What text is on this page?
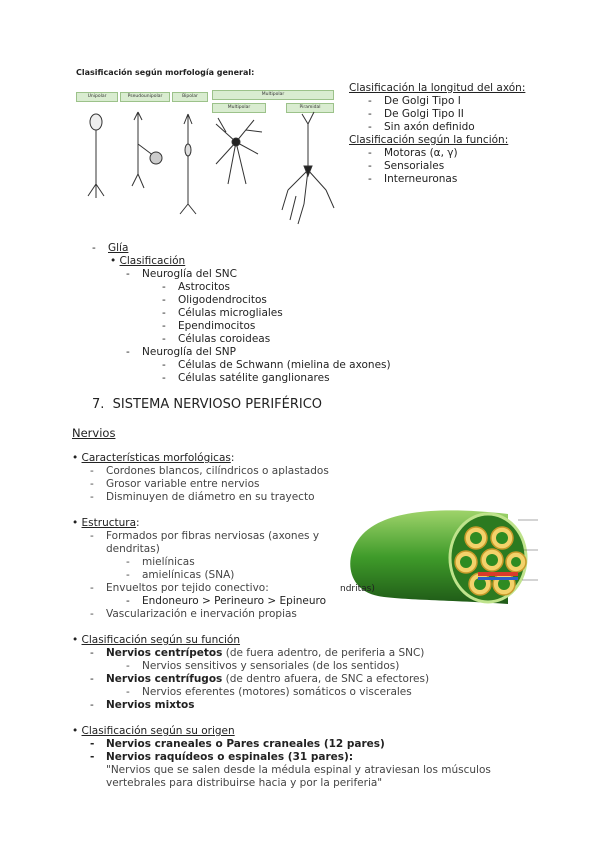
Clasificación según morfología general:
Unipolar	Pseudounipolar	Bipolar	Multipolar
Multipolar	Piramidal
Clasificación la longitud del axón:
- De Golgi Tipo I
- De Golgi Tipo II
- Sin axón definido
Clasificación según la función:
- Motoras (α, γ)
- Sensoriales
- Interneuronas
- Glía
• Clasificación
- Neuroglía del SNC
- Astrocitos
- Oligodendrocitos
- Células microgliales
- Ependimocitos
- Células coroideas
- Neuroglía del SNP
- Células de Schwann (mielina de axones)
- Células satélite ganglionares
7. SISTEMA NERVIOSO PERIFÉRICO
Nervios
• Características morfológicas:
- Cordones blancos, cilíndricos o aplastados
- Grosor variable entre nervios
- Disminuyen de diámetro en su trayecto
• Estructura:
- Formados por fibras nerviosas (axones y
dendritas)
- mielínicas
- amielínicas (SNA)
- Envueltos por tejido conectivo:
- Endoneuro > Perineuro > Epineuro
- Vascularización e inervación propias
ndritas)
• Clasificación según su función
- Nervios centrípetos (de fuera adentro, de periferia a SNC)
- Nervios sensitivos y sensoriales (de los sentidos)
- Nervios centrífugos (de dentro afuera, de SNC a efectores)
- Nervios eferentes (motores) somáticos o viscerales
- Nervios mixtos
• Clasificación según su origen
- Nervios craneales o Pares craneales (12 pares)
- Nervios raquídeos o espinales (31 pares):
"Nervios que se salen desde la médula espinal y atraviesan los músculos
vertebrales para distribuirse hacia y por la periferia"
